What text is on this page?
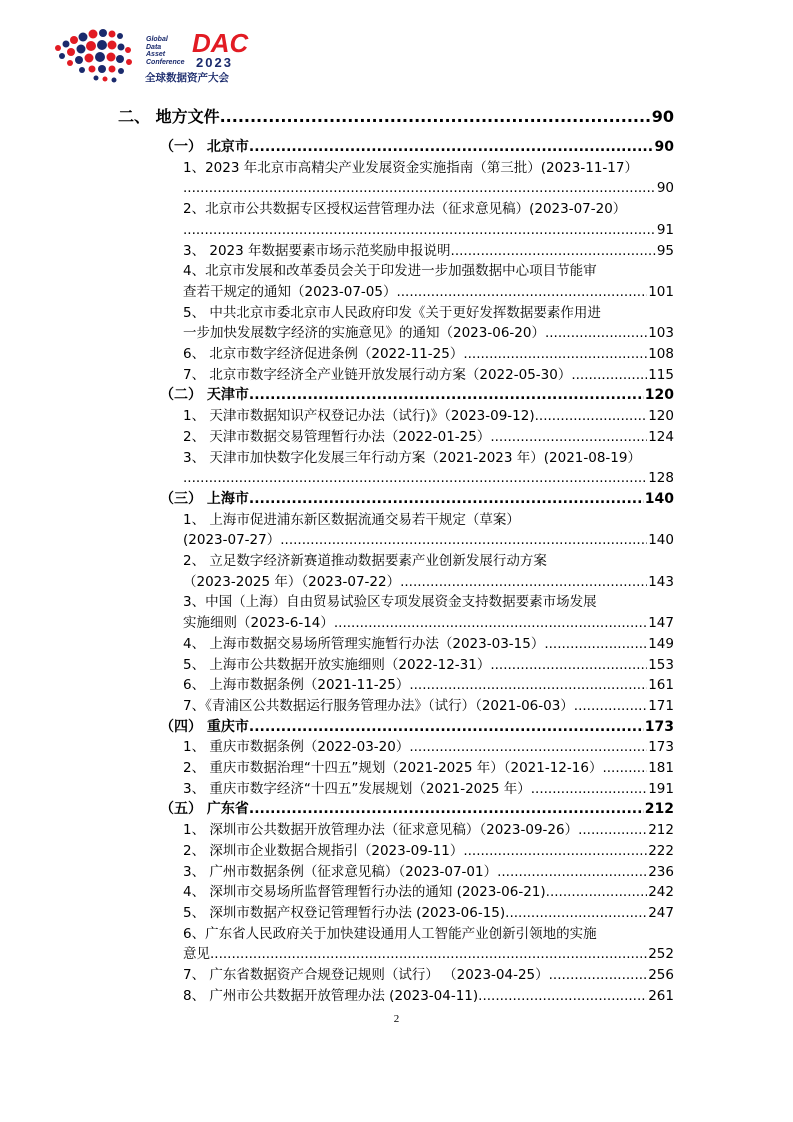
Global
Data
Asset
Conference
DAC
2023
全球数据资产大会
二、 地方文件 .....	90
（一） 北京市 .....	90
1、2023 年北京市高精尖产业发展资金实施指南（第三批）(2023-11-17）
.....
90
2、北京市公共数据专区授权运营管理办法（征求意见稿）(2023-07-20）
.....
91
3、 2023 年数据要素市场示范奖励申报说明 .....	95
4、北京市发展和改革委员会关于印发进一步加强数据中心项目节能审
查若干规定的通知（2023-07-05） .....	101
5、 中共北京市委北京市人民政府印发《关于更好发挥数据要素作用进
一步加快发展数字经济的实施意见》的通知（2023-06-20） .....	103
6、 北京市数字经济促进条例（2022-11-25） .....	108
7、 北京市数字经济全产业链开放发展行动方案（2022-05-30） .....	115
（二） 天津市 .....	120
1、 天津市数据知识产权登记办法（试行)》（2023-09-12) .....	120
2、 天津市数据交易管理暂行办法（2022-01-25） .....	124
3、 天津市加快数字化发展三年行动方案（2021-2023 年）(2021-08-19）
.....
128
（三） 上海市 .....	140
1、 上海市促进浦东新区数据流通交易若干规定（草案）
(2023-07-27） .....	140
2、 立足数字经济新赛道推动数据要素产业创新发展行动方案
（2023-2025 年）（2023-07-22） .....	143
3、中国（上海）自由贸易试验区专项发展资金支持数据要素市场发展
实施细则（2023-6-14） .....	147
4、 上海市数据交易场所管理实施暂行办法（2023-03-15） .....	149
5、 上海市公共数据开放实施细则（2022-12-31） .....	153
6、 上海市数据条例（2021-11-25） .....	161
7、《青浦区公共数据运行服务管理办法》（试行）（2021-06-03） .....	171
（四） 重庆市 .....	173
1、 重庆市数据条例（2022-03-20） .....	173
2、 重庆市数据治理“十四五”规划（2021-2025 年）（2021-12-16） .....	181
3、 重庆市数字经济“十四五”发展规划（2021-2025 年） .....	191
（五） 广东省 .....	212
1、 深圳市公共数据开放管理办法（征求意见稿）（2023-09-26） .....	212
2、 深圳市企业数据合规指引（2023-09-11） .....	222
3、 广州市数据条例（征求意见稿）（2023-07-01） .....	236
4、 深圳市交易场所监督管理暂行办法的通知 (2023-06-21) .....	242
5、 深圳市数据产权登记管理暂行办法 (2023-06-15) .....	247
6、广东省人民政府关于加快建设通用人工智能产业创新引领地的实施
意见 .....	252
7、 广东省数据资产合规登记规则（试行） （2023-04-25） .....	256
8、 广州市公共数据开放管理办法 (2023-04-11) .....	261
2
